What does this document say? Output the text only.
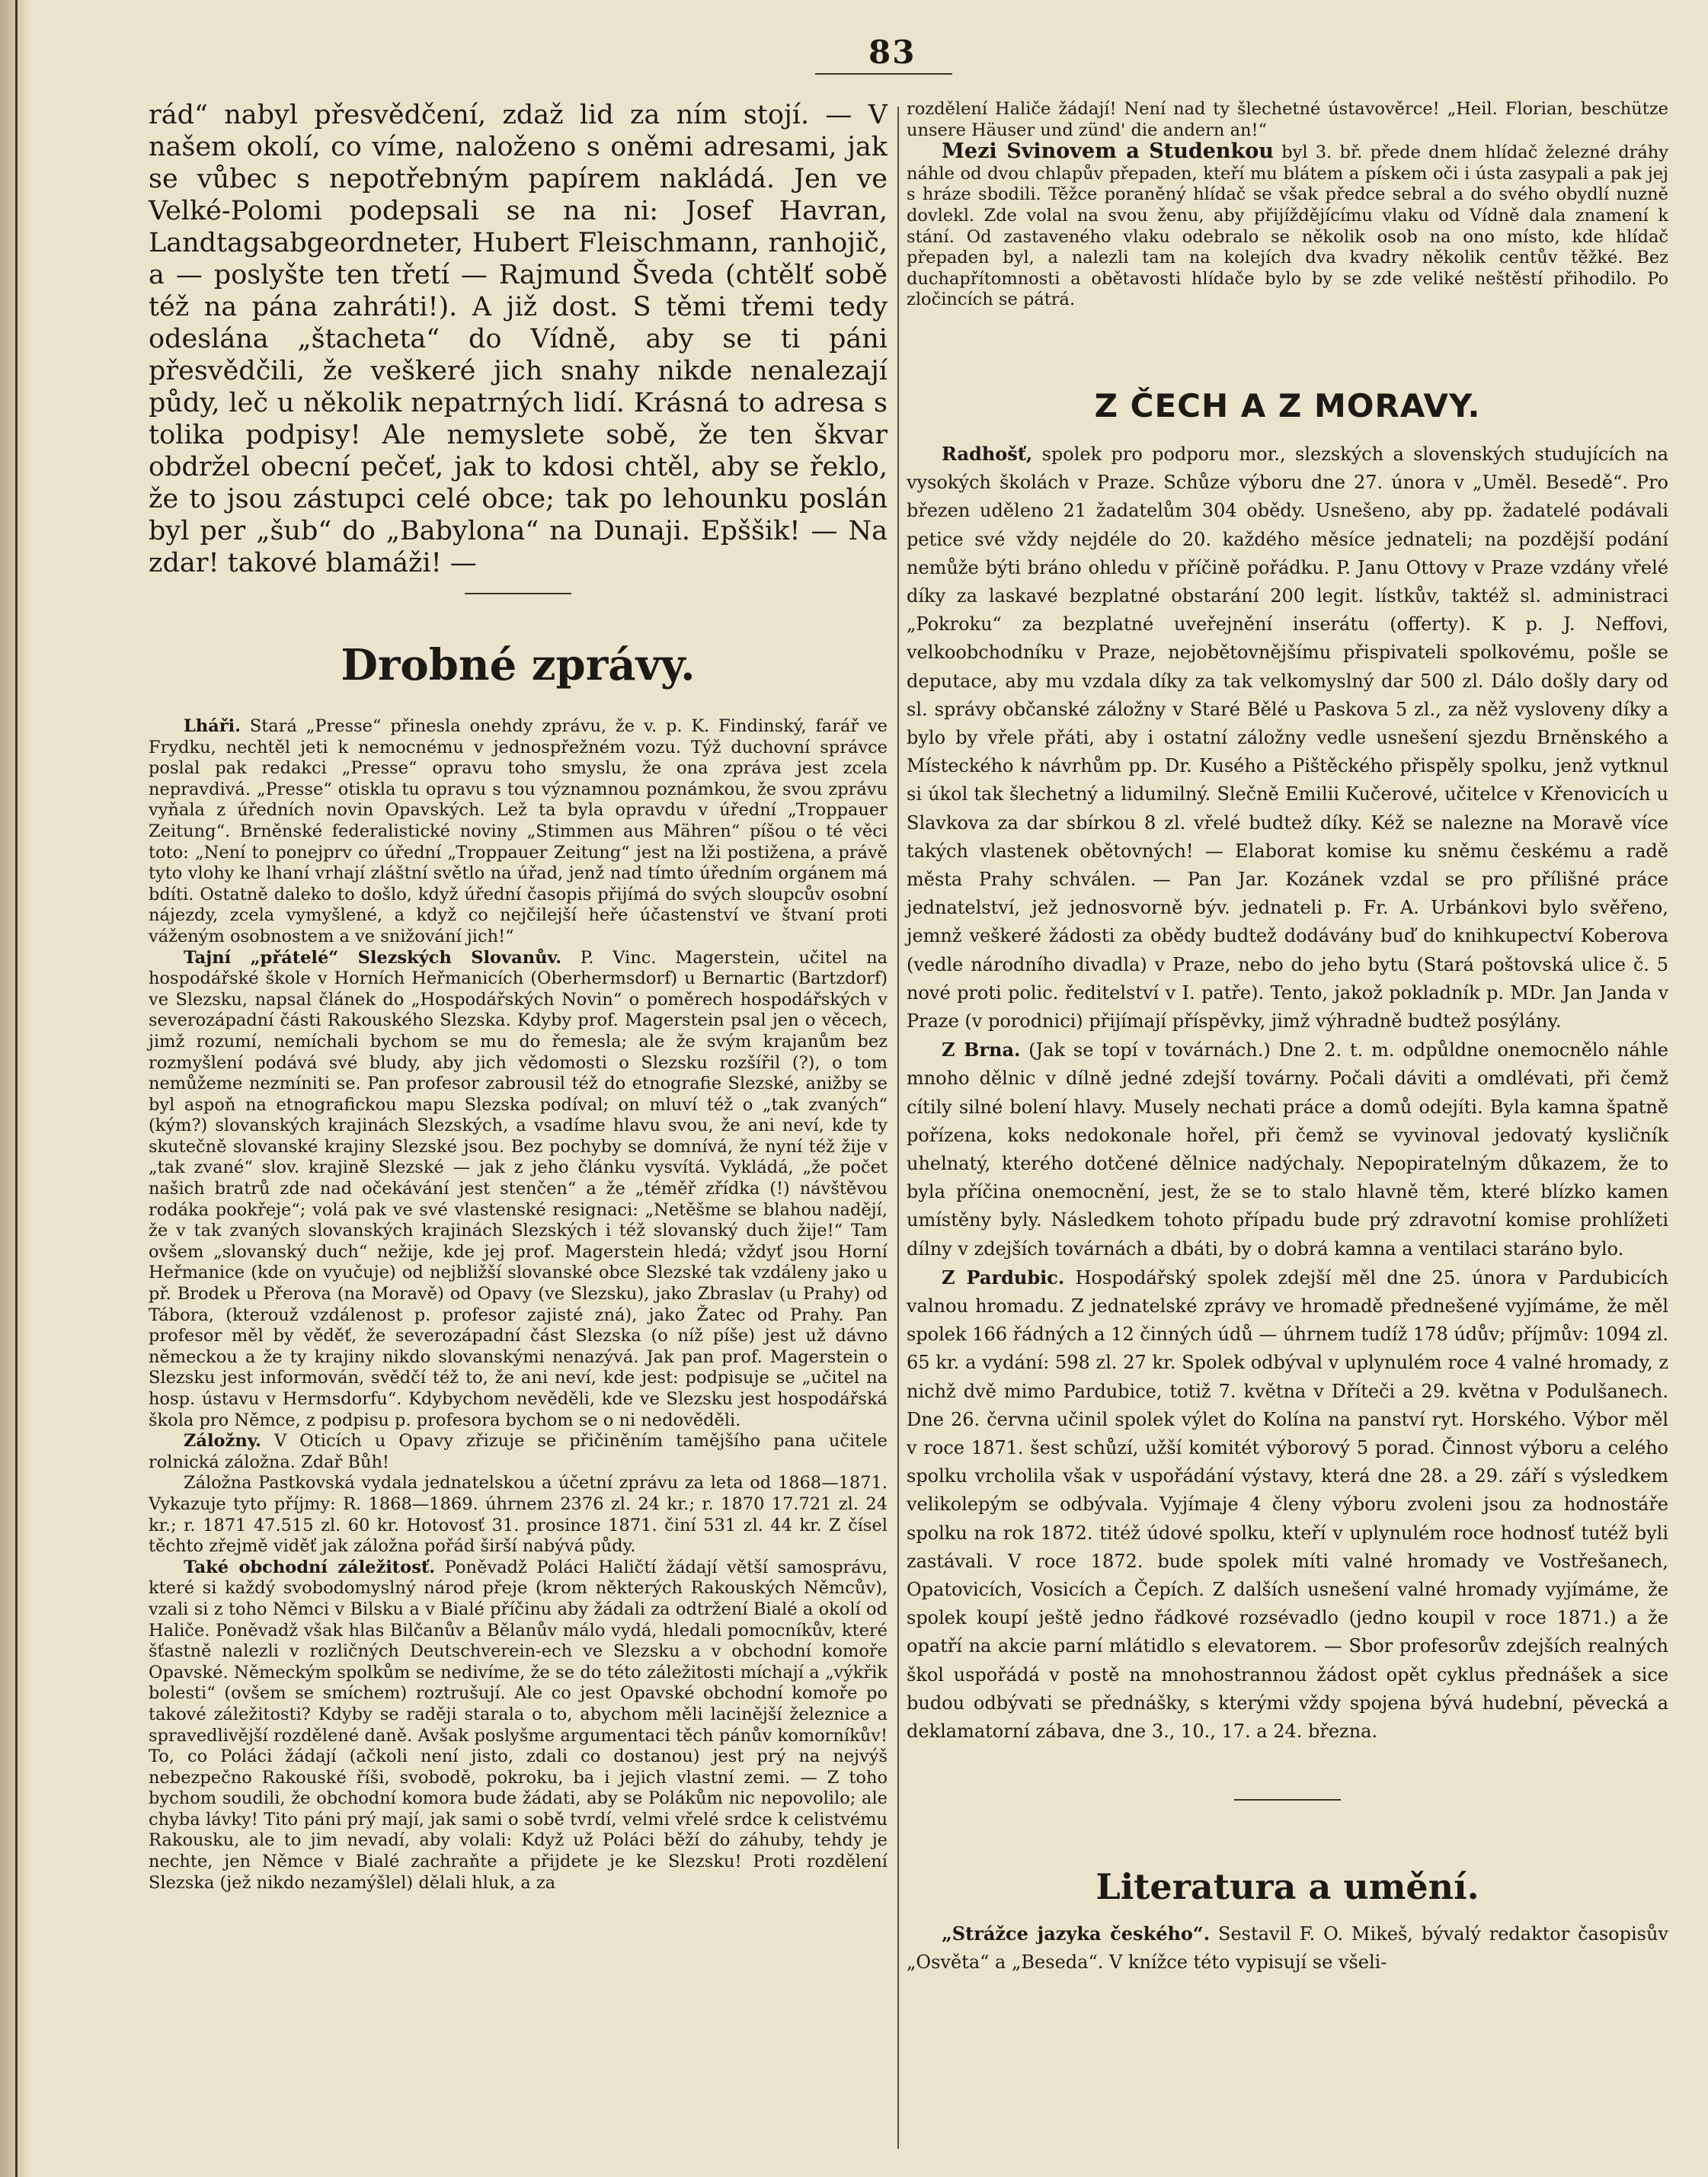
83

rád“ nabyl přesvědčení, zdaž lid za ním stojí. — V našem okolí, co víme, naloženo s oněmi adresami, jak se vůbec s nepotřebným papírem nakládá. Jen ve Velké-Polomi podepsali se na ni: Josef Havran, Landtagsabgeordneter, Hubert Fleischmann, ranhojič, a — poslyšte ten třetí — Rajmund Šveda (chtělť sobě též na pána zahráti!). A již dost. S těmi třemi tedy odeslána „štacheta“ do Vídně, aby se ti páni přesvědčili, že veškeré jich snahy nikde nenalezají půdy, leč u několik nepatrných lidí. Krásná to adresa s tolika podpisy! Ale nemyslete sobě, že ten škvar obdržel obecní pečeť, jak to kdosi chtěl, aby se řeklo, že to jsou zástupci celé obce; tak po lehounku poslán byl per „šub“ do „Babylona“ na Dunaji. Epššik! — Na zdar! takové blamáži! —

Drobné zprávy.

Lháři. Stará „Presse“ přinesla onehdy zprávu, že v. p. K. Findinský, farář ve Frydku, nechtěl jeti k nemocnému v jednospřežném vozu. Týž duchovní správce poslal pak redakci „Presse“ opravu toho smyslu, že ona zpráva jest zcela nepravdivá. „Presse“ otiskla tu opravu s tou významnou poznámkou, že svou zprávu vyňala z úředních novin Opavských. Lež ta byla opravdu v úřední „Troppauer Zeitung“. Brněnské federalistické noviny „Stimmen aus Mähren“ píšou o té věci toto: „Není to ponejprv co úřední „Troppauer Zeitung“ jest na lži postižena, a právě tyto vlohy ke lhaní vrhají zláštní světlo na úřad, jenž nad tímto úředním orgánem má bdíti. Ostatně daleko to došlo, když úřední časopis přijímá do svých sloupcův osobní nájezdy, zcela vymyšlené, a když co nejčilejší heře účastenství ve štvaní proti váženým osobnostem a ve snižování jich!“

Tajní „přátelé“ Slezských Slovanův. P. Vinc. Magerstein, učitel na hospodářské škole v Horních Heřmanicích (Oberhermsdorf) u Bernartic (Bartzdorf) ve Slezsku, napsal článek do „Hospodářských Novin“ o poměrech hospodářských v severozápadní části Rakouského Slezska. Kdyby prof. Magerstein psal jen o věcech, jimž rozumí, nemíchali bychom se mu do řemesla; ale že svým krajanům bez rozmyšlení podává své bludy, aby jich vědomosti o Slezsku rozšířil (?), o tom nemůžeme nezmíniti se. Pan profesor zabrousil též do etnografie Slezské, anižby se byl aspoň na etnografickou mapu Slezska podíval; on mluví též o „tak zvaných“ (kým?) slovanských krajinách Slezských, a vsadíme hlavu svou, že ani neví, kde ty skutečně slovanské krajiny Slezské jsou. Bez pochyby se domnívá, že nyní též žije v „tak zvané“ slov. krajině Slezské — jak z jeho článku vysvítá. Vykládá, „že počet našich bratrů zde nad očekávání jest stenčen“ a že „téměř zřídka (!) návštěvou rodáka pookřeje“; volá pak ve své vlastenské resignaci: „Netěšme se blahou nadějí, že v tak zvaných slovanských krajinách Slezských i též slovanský duch žije!“ Tam ovšem „slovanský duch“ nežije, kde jej prof. Magerstein hledá; vždyť jsou Horní Heřmanice (kde on vyučuje) od nejbližší slovanské obce Slezské tak vzdáleny jako u př. Brodek u Přerova (na Moravě) od Opavy (ve Slezsku), jako Zbraslav (u Prahy) od Tábora, (kterouž vzdálenost p. profesor zajisté zná), jako Žatec od Prahy. Pan profesor měl by věděť, že severozápadní část Slezska (o níž píše) jest už dávno německou a že ty krajiny nikdo slovanskými nenazývá. Jak pan prof. Magerstein o Slezsku jest informován, svědčí též to, že ani neví, kde jest: podpisuje se „učitel na hosp. ústavu v Hermsdorfu“. Kdybychom nevěděli, kde ve Slezsku jest hospodářská škola pro Němce, z podpisu p. profesora bychom se o ni nedověděli.

Záložny. V Oticích u Opavy zřizuje se přičiněním tamějšího pana učitele rolnická záložna. Zdař Bůh!

Záložna Pastkovská vydala jednatelskou a účetní zprávu za leta od 1868—1871. Vykazuje tyto příjmy: R. 1868—1869. úhrnem 2376 zl. 24 kr.; r. 1870 17.721 zl. 24 kr.; r. 1871 47.515 zl. 60 kr. Hotovosť 31. prosince 1871. činí 531 zl. 44 kr. Z čísel těchto zřejmě viděť jak záložna pořád širší nabývá půdy.

Také obchodní záležitosť. Poněvadž Poláci Haličtí žádají větší samosprávu, které si každý svobodomyslný národ přeje (krom některých Rakouských Němcův), vzali si z toho Němci v Bilsku a v Bialé příčinu aby žádali za odtržení Bialé a okolí od Haliče. Poněvadž však hlas Bilčanův a Bělanův málo vydá, hledali pomocníkův, které šťastně nalezli v rozličných Deutschverein-ech ve Slezsku a v obchodní komoře Opavské. Německým spolkům se nedivíme, že se do této záležitosti míchají a „výkřik bolesti“ (ovšem se smíchem) roztrušují. Ale co jest Opavské obchodní komoře po takové záležitosti? Kdyby se raději starala o to, abychom měli lacinější železnice a spravedlivější rozdělené daně. Avšak poslyšme argumentaci těch pánův komorníkův! To, co Poláci žádají (ačkoli není jisto, zdali co dostanou) jest prý na nejvýš nebezpečno Rakouské říši, svobodě, pokroku, ba i jejich vlastní zemi. — Z toho bychom soudili, že obchodní komora bude žádati, aby se Polákům nic nepovolilo; ale chyba lávky! Tito páni prý mají, jak sami o sobě tvrdí, velmi vřelé srdce k celistvému Rakousku, ale to jim nevadí, aby volali: Když už Poláci běží do záhuby, tehdy je nechte, jen Němce v Bialé zachraňte a přijdete je ke Slezsku! Proti rozdělení Slezska (jež nikdo nezamýšlel) dělali hluk, a za

rozdělení Haliče žádají! Není nad ty šlechetné ústavověrce! „Heil. Florian, beschütze unsere Häuser und zünd' die andern an!“

Mezi Svinovem a Studenkou byl 3. bř. předе dnem hlídač železné dráhy náhle od dvou chlapův přepaden, kteří mu blátem a pískem oči i ústa zasypali a pak jej s hráze sbodili. Těžce poraněný hlídač se však předce sebral a do svého obydlí nuzně dovlekl. Zde volal na svou ženu, aby přijíždějícímu vlaku od Vídně dala znamení k stání. Od zastaveného vlaku odebralo se několik osob na ono místo, kde hlídač přepaden byl, a nalezli tam na kolejích dva kvadry několik centův těžké. Bez duchapřítomnosti a obětavosti hlídače bylo by se zde veliké neštěstí přihodilo. Po zločincích se pátrá.

Z ČECH A Z MORAVY.

Radhošť, spolek pro podporu mor., slezských a slovenských studujících na vysokých školách v Praze. Schůze výboru dne 27. února v „Uměl. Besedě“. Pro březen uděleno 21 žadatelům 304 obědy. Usnešeno, aby pp. žadatelé podávali petice své vždy nejdéle do 20. každého měsíce jednateli; na pozdější podání nemůže býti bráno ohledu v příčině pořádku. P. Janu Ottovy v Praze vzdány vřelé díky za laskavé bezplatné obstarání 200 legit. lístkův, taktéž sl. administraci „Pokroku“ za bezplatné uveřejnění inserátu (offerty). K p. J. Neffovi, velkoobchodníku v Praze, nejobětovnějšímu přispivateli spolkovému, pošle se deputace, aby mu vzdala díky za tak velkomyslný dar 500 zl. Dálo došly dary od sl. správy občanské záložny v Staré Bělé u Paskova 5 zl., za něž vysloveny díky a bylo by vřele přáti, aby i ostatní záložny vedle usnešení sjezdu Brněnského a Místeckého k návrhům pp. Dr. Kusého a Pištěckého přispěly spolku, jenž vytknul si úkol tak šlechetný a lidumilný. Slečně Emilii Kučerové, učitelce v Křenovicích u Slavkova za dar sbírkou 8 zl. vřelé budtež díky. Kéž se nalezne na Moravě více takých vlastenek obětovných! — Elaborat komise ku sněmu českému a radě města Prahy schválen. — Pan Jar. Kozánek vzdal se pro přílišné práce jednatelství, jež jednosvorně býv. jednateli p. Fr. A. Urbánkovi bylo svěřeno, jemnž veškeré žádosti za obědy budtež dodávány buď do knihkupectví Koberova (vedle národního divadla) v Praze, nebo do jeho bytu (Stará poštovská ulice č. 5 nové proti polic. ředitelství v I. patře). Tento, jakož pokladník p. MDr. Jan Janda v Praze (v porodnici) přijímají příspěvky, jimž výhradně budtež posýlány.

Z Brna. (Jak se topí v továrnách.) Dne 2. t. m. odpůldne onemocnělo náhle mnoho dělnic v dílně jedné zdejší továrny. Počali dáviti a omdlévati, při čemž cítily silné bolení hlavy. Musely nechati práce a domů odejíti. Byla kamna špatně pořízena, koks nedokonale hořel, při čemž se vyvinoval jedovatý kysličník uhelnatý, kterého dotčené dělnice nadýchaly. Nepopiratelným důkazem, že to byla příčina onemocnění, jest, že se to stalo hlavně těm, které blízko kamen umístěny byly. Následkem tohoto případu bude prý zdravotní komise prohlížeti dílny v zdejších továrnách a dbáti, by o dobrá kamna a ventilaci staráno bylo.

Z Pardubic. Hospodářský spolek zdejší měl dne 25. února v Pardubicích valnou hromadu. Z jednatelské zprávy ve hromadě přednešené vyjímáme, že měl spolek 166 řádných a 12 činných údů — úhrnem tudíž 178 údův; příjmův: 1094 zl. 65 kr. a vydání: 598 zl. 27 kr. Spolek odbýval v uplynulém roce 4 valné hromady, z nichž dvě mimo Pardubice, totiž 7. května v Dříteči a 29. května v Podulšanech. Dne 26. června učinil spolek výlet do Kolína na panství ryt. Horského. Výbor měl v roce 1871. šest schůzí, užší komitét výborový 5 porad. Činnost výboru a celého spolku vrcholila však v uspořádání výstavy, která dne 28. a 29. září s výsledkem velikolepým se odbývala. Vyjímaje 4 členy výboru zvoleni jsou za hodnostáře spolku na rok 1872. titéž údové spolku, kteří v uplynulém roce hodnosť tutéž byli zastávali. V roce 1872. bude spolek míti valné hromady ve Vostřešanech, Opatovicích, Vosicích a Čepích. Z dalších usnešení valné hromady vyjímáme, že spolek koupí ještě jedno řádkové rozsévadlo (jedno koupil v roce 1871.) a že opatří na akcie parní mlátidlo s elevatorem. — Sbor profesorův zdejších realných škol uspořádá v postě na mnohostrannou žádost opět cyklus přednášek a sice budou odbývati se přednášky, s kterými vždy spojena bývá hudební, pěvecká a deklamatorní zábava, dne 3., 10., 17. a 24. března.

Literatura a umění.

„Strážce jazyka českého“. Sestavil F. O. Mikeš, bývalý redaktor časopisův „Osvěta“ a „Beseda“. V knížce této vypisují se všeli-
